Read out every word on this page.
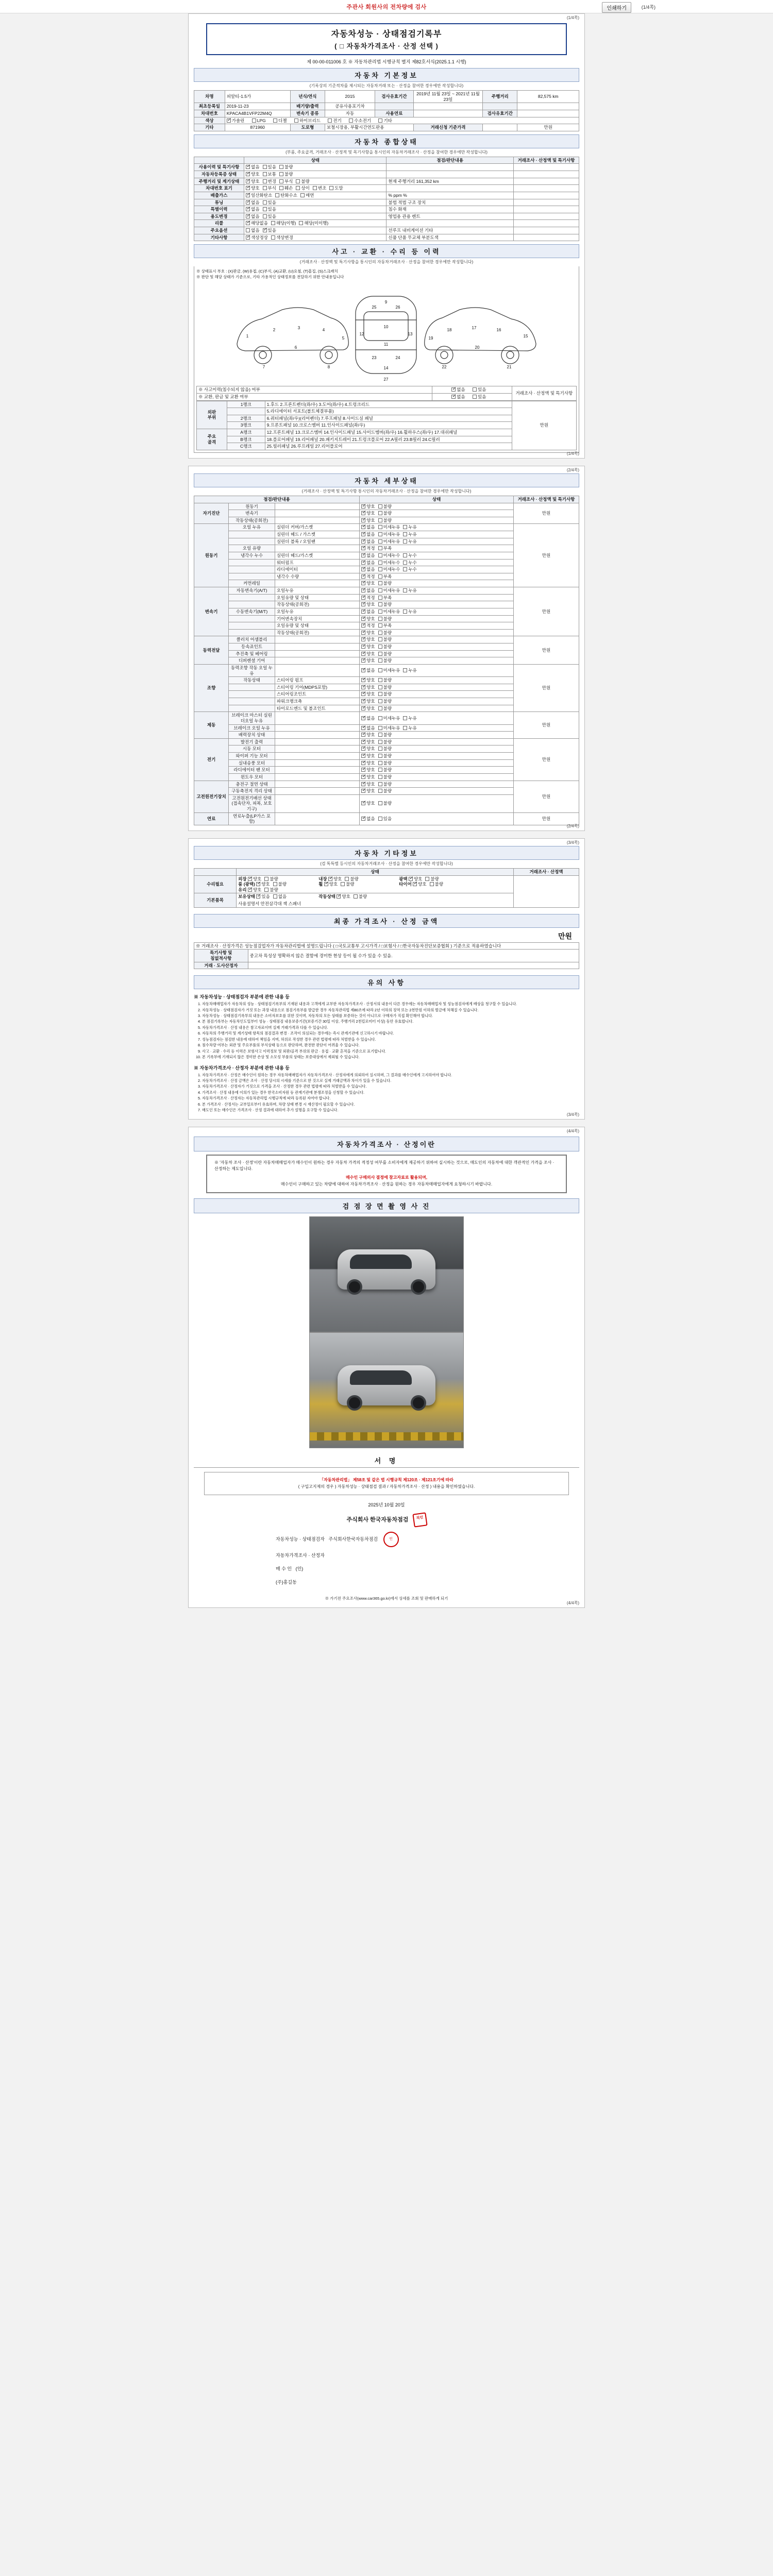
주관사 회원사의 전차량에 검사	인쇄하기	(1/4쪽)
(1/4쪽)
자동차성능 · 상태점검기록부
( □ 자동차가격조사 · 산정 선택 )
제 00-00-011006 호 ※ 자동차관리법 시행규칙 별지 제82호서식(2025.1.1 시행)
자동차 기본정보
(기록상의 기준적차를 제시되는 자동차거래 또는 · 산정을 참여한 경우에만 작성합니다)
차명	피알티-1.5가	년식/연식	2015	검사유효기간	2019년 11월 23일 ~ 2021년 11월 23일	주행거리	82,575 km
최초등록일	2019-11-23	배기량/출력	공유사용포기차				
차대번호	KPACA4B1VFP22M4Q	변속기 종류	자동	사용연료		검사유효기간	
색상	✓가솔린 LPG 디젤 하이브리드 전기 수소전기 기타
기타	871960	도로형	보철시장용, 부활시간연도판용		거래신청 기준가격		만원
자동차 종합상태
(부품, 주요골격, 거래조사 · 산정적 및 목기사항을 통시인의 자동차거래조사 · 산정을 참여한 경우에만 작성합니다)
	상태	점검/판단내용	거래조사 · 산정액 및 특기사항
사용이력 및 특기사항	✓없음 있음 불량		
자동차등록증 상태	✓양호 보통 불량		
주행거리 및 계기상태	✓양호 변경 부식 불량	현재 주행거리 161,352 km	
차대번호 표기	✓양호 부식 훼손 상이 변조 도말		
배출가스	✓일산화탄소 탄화수소 매연	% ppm %	
튜닝	✓없음 있음	불법 적법 구조 장치	
특별이력	✓없음 있음	침수 화재	
용도변경	✓없음 있음	영업용 관용 렌트	
리콜	✓해당없음 해당(이행) 해당(미이행)		
주요옵션	없음 ✓ 있음	선루프 내비게이션 기타	
기타사항	✓색상정상 색상변경	신품 단품 무교체 부분도색	
사고 · 교환 · 수리 등 이력
(거래조사 · 산정액 및 특기사항을 통시인의 자동차거래조사 · 산정을 참여한 경우에만 작성합니다)
※ 상태표시 부호 : (X)판금, (W)용접, (C)부식, (A)교환, (U)요철, (T)흠집, (S)스크래치
※ 판단 및 해당 상태가 기준으로, 기타 가용적인 상태정보를 전달하기 위한 안내용입니다
1
2	3	4
5
6
7	8
9
10
11
12	13
14
15
16
17
18
19
20
21
22
23	24
25	26
27
※ 사고이력(침수되지 않음) 여부	✓없음 있음	거래조사 · 산정액 및 특기사항
※ 교환, 판금 및 교환 여부	✓없음 있음
외판
부위	1랭크	1.후드 2.프론트펜더(좌/우) 3.도어(좌/우) 4.트렁크리드	만원
		5.라디에이터 서포트(볼트체결부품)	
	2랭크	6.쿼터패널(좌/우)(리어펜더) 7.루프패널 8.사이드실 패널	
	3랭크	9.프론트패널 10.크로스멤버 11.인사이드패널(좌/우)	
주요
골격	A랭크	12.프론트패널 13.크로스멤버 14.인사이드패널 15.사이드멤버(좌/우) 16.휠하우스(좌/우) 17.대쉬패널	
	B랭크	18.플로어패널 19.리어패널 20.패키지트레이 21.트렁크플로어 22.A필러 23.B필러 24.C필러	
	C랭크	25.필러패널 26.루프레일 27.리어플로어	
(1/4쪽)
(2/4쪽)
자동차 세부상태
(거래조사 · 산정액 및 특기사항 통시인의 자동차거래조사 · 산정을 참여한 경우에만 작성합니다)
점검/판단내용			상태	거래조사 · 산정액 및 특기사항
자기진단	원동기		✓양호 불량	만원
	변속기		✓양호 불량
	작동상태(공회전)		✓양호 불량
원동기	오일 누유	실린더 커버/가스켓	✓없음 미세누유 누유	만원
		실린더 헤드 / 가스켓	✓없음 미세누유 누유
		실린더 블록 / 오일팬	✓없음 미세누유 누유
	오일 유량		✓적정 부족
	냉각수 누수	실린더 헤드/가스켓	✓없음 미세누수 누수
		워터펌프	✓없음 미세누수 누수
		라디에이터	✓없음 미세누수 누수
		냉각수 수량	✓적정 부족
	커먼레일		✓양호 불량
변속기	자동변속기(A/T)	오일누유	✓없음 미세누유 누유	만원
		오일유량 및 상태	✓적정 부족
		작동상태(공회전)	✓양호 불량
	수동변속기(M/T)	오일누유	✓없음 미세누유 누유
		기어변속장치	✓양호 불량
		오일유량 및 상태	✓적정 부족
		작동상태(공회전)	✓양호 불량
동력전달	클러치 어셈블리		✓양호 불량	만원
	등속죠인트		✓양호 불량
	추진축 및 베어링		✓양호 불량
	디퍼렌셜 기어		✓양호 불량
조향	동력조향 작동 오일 누유		✓없음 미세누유 누유	만원
	작동상태	스티어링 펌프	✓양호 불량
		스티어링 기어(MDPS포함)	✓양호 불량
		스티어링조인트	✓양호 불량
		파워크랭크축	✓양호 불량
		타이로드엔드 및 볼조인트	✓양호 불량
제동	브레이크 마스터 실린더오일 누유		✓없음 미세누유 누유	만원
	브레이크 오일 누유		✓없음 미세누유 누유
	배력장치 상태		✓양호 불량
전기	발전기 출력		✓양호 불량	만원
	시동 모터		✓양호 불량
	와이퍼 기능 모터		✓양호 불량
	실내송풍 모터		✓양호 불량
	라디에이터 팬 모터		✓양호 불량
	윈도우 모터		✓양호 불량
고전원전기장치	충전구 절연 상태		✓양호 불량	만원
	구동축전지 격리 상태		✓양호 불량
	고전원전기배선 상태(접속단자, 피복, 보호기구)		✓양호 불량
연료	연료누출(LP가스 포함)		✓없음 있음	만원
(2/4쪽)
(3/4쪽)
자동차 기타정보
(검 톡특별 등시인의 자동차거래조사 · 산정을 참여한 경우에만 작성합니다)
	상태	거래조사 · 산정액
수리필요	외장 ✓ 양호 불량 내장 ✓ 양호 불량 광택 ✓ 양호 불량룸 (광택) ✓ 양호 불량 휠 ✓ 양호 불량 타이어 ✓ 양호 불량유리 ✓ 양호 불량	
기본품목	보유상태 ✓ 있음 없음 작동상태 ✓ 양호 불량
사용설명서 안전삼각대 잭 스패너
최종 가격조사 · 산정 금액
만원
※ 거래조사 · 산정가격은 성능점검업자가 자동차관리법에 설명드립니다 ( □국토교통부 고시가격 / □보험사 / □한국자동차진단보증협회 ) 기준으로 적용하였습니다	
특기사항 및
침없적사항	중고차 특성상 명확하지 않은 결함에 경미한 현상 등이 될 수가 있을 수 있음.
거래 · 도사산정자	
유의 사항
※ 자동차성능 · 상태점검자 부분에 관한 내용 등
1. 자동차매매업자가 자동차의 성능 · 상태점검기록부의 기재된 내용과 고객에게 교부한 자동차가격조사 · 산정서의 내용이 다른 경우에는 자동차매매업자 및 성능점검자에게 배상을 청구할 수 있습니다.
2. 자동차성능 · 상태점검자가 거짓 또는 과장 내용으로 점검기록부를 발급한 경우 자동차관리법 제80조에 따라 2년 이하의 징역 또는 2천만원 이하의 벌금에 처해질 수 있습니다.
3. 자동차성능 · 상태점검기록부의 내용은 소비자보호를 위한 것이며, 자동차의 모든 상태를 보증하는 것이 아니므로 구매자가 직접 확인해야 합니다.
4. 본 점검기록부는 자동차인도일부터 성능 · 상태점검 내용보증기간(보증기간 30일 이상, 주행거리 2천킬로미터 이상) 동안 유효합니다.
5. 자동차가격조사 · 산정 내용은 참고자료이며 실제 거래가격과 다를 수 있습니다.
6. 자동차의 주행거리 및 계기상태 항목의 점검결과 변경 · 조작이 의심되는 경우에는 즉시 관계기관에 신고하시기 바랍니다.
7. 성능점검자는 점검한 내용에 대하여 책임을 지며, 허위로 작성한 경우 관련 법령에 따라 처벌받을 수 있습니다.
8. 침수차량 여부는 외관 및 주요부품의 부식상태 등으로 판단하며, 완전한 판단이 어려울 수 있습니다.
9. 사고 · 교환 · 수리 등 이력은 보험사고 이력정보 및 외판/골격 부위의 판금 · 용접 · 교환 흔적을 기준으로 표기합니다.
10. 본 기록부에 기재되지 않은 경미한 손상 및 소모성 부품의 상태는 보증대상에서 제외될 수 있습니다.
※ 자동차가격조사 · 산정자 부분에 관한 내용 등
1. 자동차가격조사 · 산정은 매수인이 원하는 경우 자동차매매업자가 자동차가격조사 · 산정자에게 의뢰하여 실시하며, 그 결과를 매수인에게 고지하여야 합니다.
2. 자동차가격조사 · 산정 금액은 조사 · 산정 당시의 시세를 기준으로 한 것으로 실제 거래금액과 차이가 있을 수 있습니다.
3. 자동차가격조사 · 산정자가 거짓으로 가격을 조사 · 산정한 경우 관련 법령에 따라 처벌받을 수 있습니다.
4. 가격조사 · 산정 내용에 이의가 있는 경우 한국소비자원 등 관계기관에 분쟁조정을 신청할 수 있습니다.
5. 자동차가격조사 · 산정자는 자동차관리법 시행규칙에 따라 등록된 자여야 합니다.
6. 본 가격조사 · 산정서는 교부일로부터 유효하며, 차량 상태 변경 시 재산정이 필요할 수 있습니다.
7. 매도인 또는 매수인은 가격조사 · 산정 결과에 대하여 추가 설명을 요구할 수 있습니다.
(3/4쪽)
(4/4쪽)
자동차가격조사 · 산정이란
※ '자동차 조사 · 산정'이란 자동차매매업자가 매수인이 원하는 경우 자동차 가격의 적정성 여부를 소비자에게 제공하기 위하여 실시하는 것으로, 매도인의 자동차에 대한 객관적인 가격을 조사 · 산정하는 제도입니다.
매수인 구매의사 결정에 참고자료로 활용되며,
매수인이 구매하고 있는 차량에 대하여 자동차가격조사 · 산정을 원하는 경우 자동차매매업자에게 요청하시기 바랍니다.
검 점 장 면 촬 영 사 진
서 명
「자동차관리법」 제58조 및 같은 법 시행규칙 제120조 · 제121조기에 따라
( 구입고지제의 경우 ) 자동차성능 · 상태점검 결과 / 자동차가격조사 · 산정 ) 내용을 확인하였습니다.
2025년 10월 20일
주식회사 한국자동차점검 직인
자동차성능 · 상태점검자 주식회사한국자동차점검	인
자동차가격조사 · 산정자
매 수 인 (인)
(주)홍길동
※ 가기전 주요조사(www.car365.go.kr)에서 상세를 조회 및 판매하게 되기
(4/4쪽)
